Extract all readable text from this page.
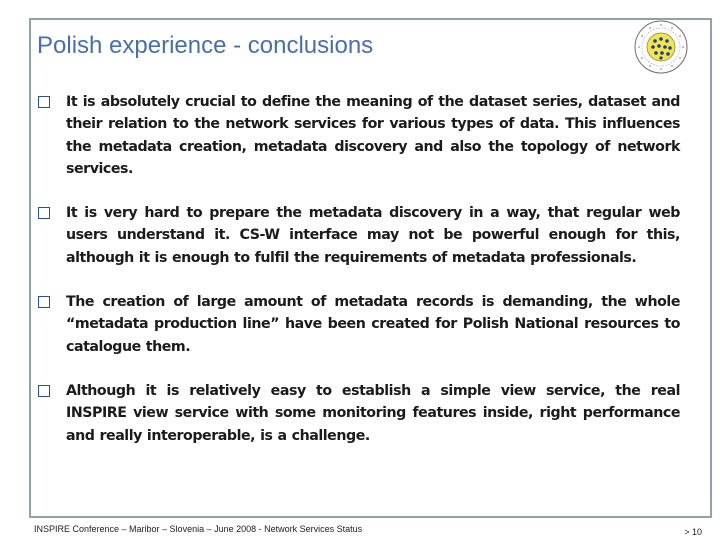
Polish experience - conclusions
It is absolutely crucial to define the meaning of the dataset series, dataset and their relation to the network services for various types of data. This influences the metadata creation, metadata discovery and also the topology of network services.
It is very hard to prepare the metadata discovery in a way, that regular web users understand it. CS-W interface may not be powerful enough for this, although it is enough to fulfil the requirements of metadata professionals.
The creation of large amount of metadata records is demanding, the whole “metadata production line” have been created for Polish National resources to catalogue them.
Although it is relatively easy to establish a simple view service, the real INSPIRE view service with some monitoring features inside, right performance and really interoperable, is a challenge.
INSPIRE Conference – Maribor – Slovenia – June 2008 - Network Services Status	> 10
